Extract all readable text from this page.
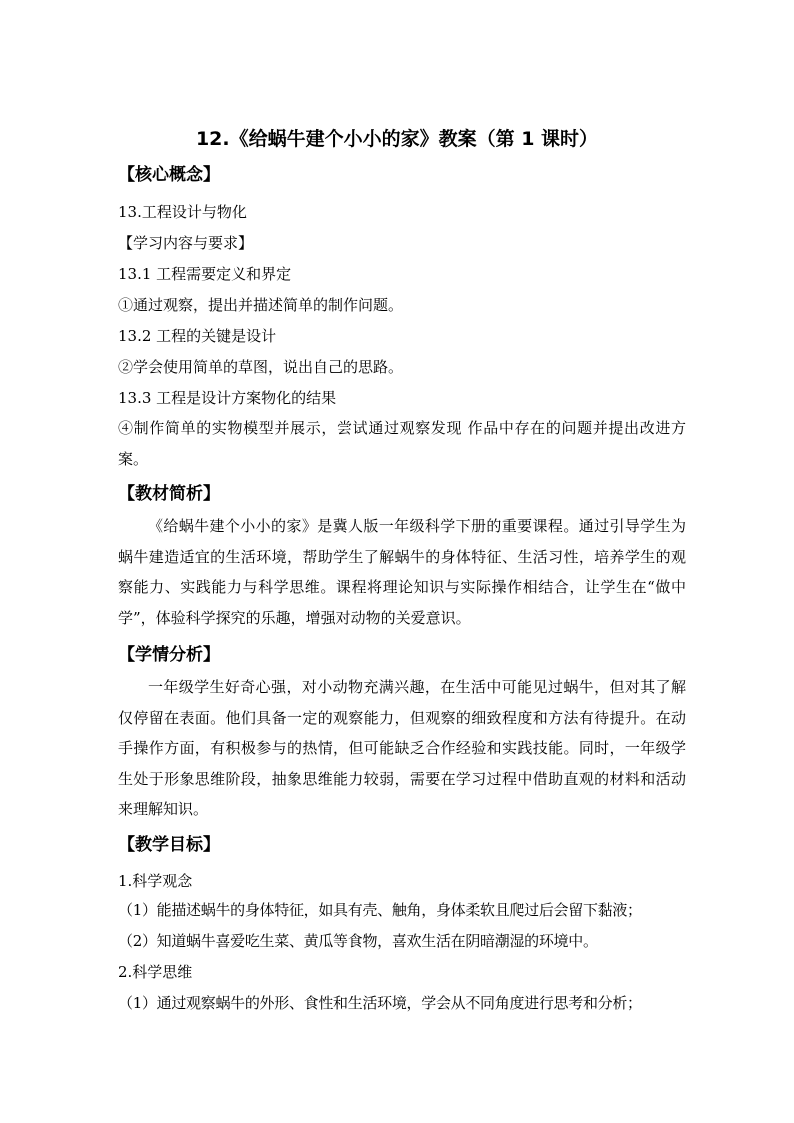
12.《给蜗牛建个小小的家》教案（第 1 课时）
【核心概念】
13.工程设计与物化
【学习内容与要求】
13.1 工程需要定义和界定
①通过观察，提出并描述简单的制作问题。
13.2 工程的关键是设计
②学会使用简单的草图，说出自己的思路。
13.3 工程是设计方案物化的结果
④制作简单的实物模型并展示，尝试通过观察发现 作品中存在的问题并提出改进方案。
【教材简析】
《给蜗牛建个小小的家》是冀人版一年级科学下册的重要课程。通过引导学生为蜗牛建造适宜的生活环境，帮助学生了解蜗牛的身体特征、生活习性，培养学生的观察能力、实践能力与科学思维。课程将理论知识与实际操作相结合，让学生在“做中学”，体验科学探究的乐趣，增强对动物的关爱意识。
【学情分析】
一年级学生好奇心强，对小动物充满兴趣，在生活中可能见过蜗牛，但对其了解仅停留在表面。他们具备一定的观察能力，但观察的细致程度和方法有待提升。在动手操作方面，有积极参与的热情，但可能缺乏合作经验和实践技能。同时，一年级学生处于形象思维阶段，抽象思维能力较弱，需要在学习过程中借助直观的材料和活动来理解知识。
【教学目标】
1.科学观念
（1）能描述蜗牛的身体特征，如具有壳、触角，身体柔软且爬过后会留下黏液；
（2）知道蜗牛喜爱吃生菜、黄瓜等食物，喜欢生活在阴暗潮湿的环境中。
2.科学思维
（1）通过观察蜗牛的外形、食性和生活环境，学会从不同角度进行思考和分析；
